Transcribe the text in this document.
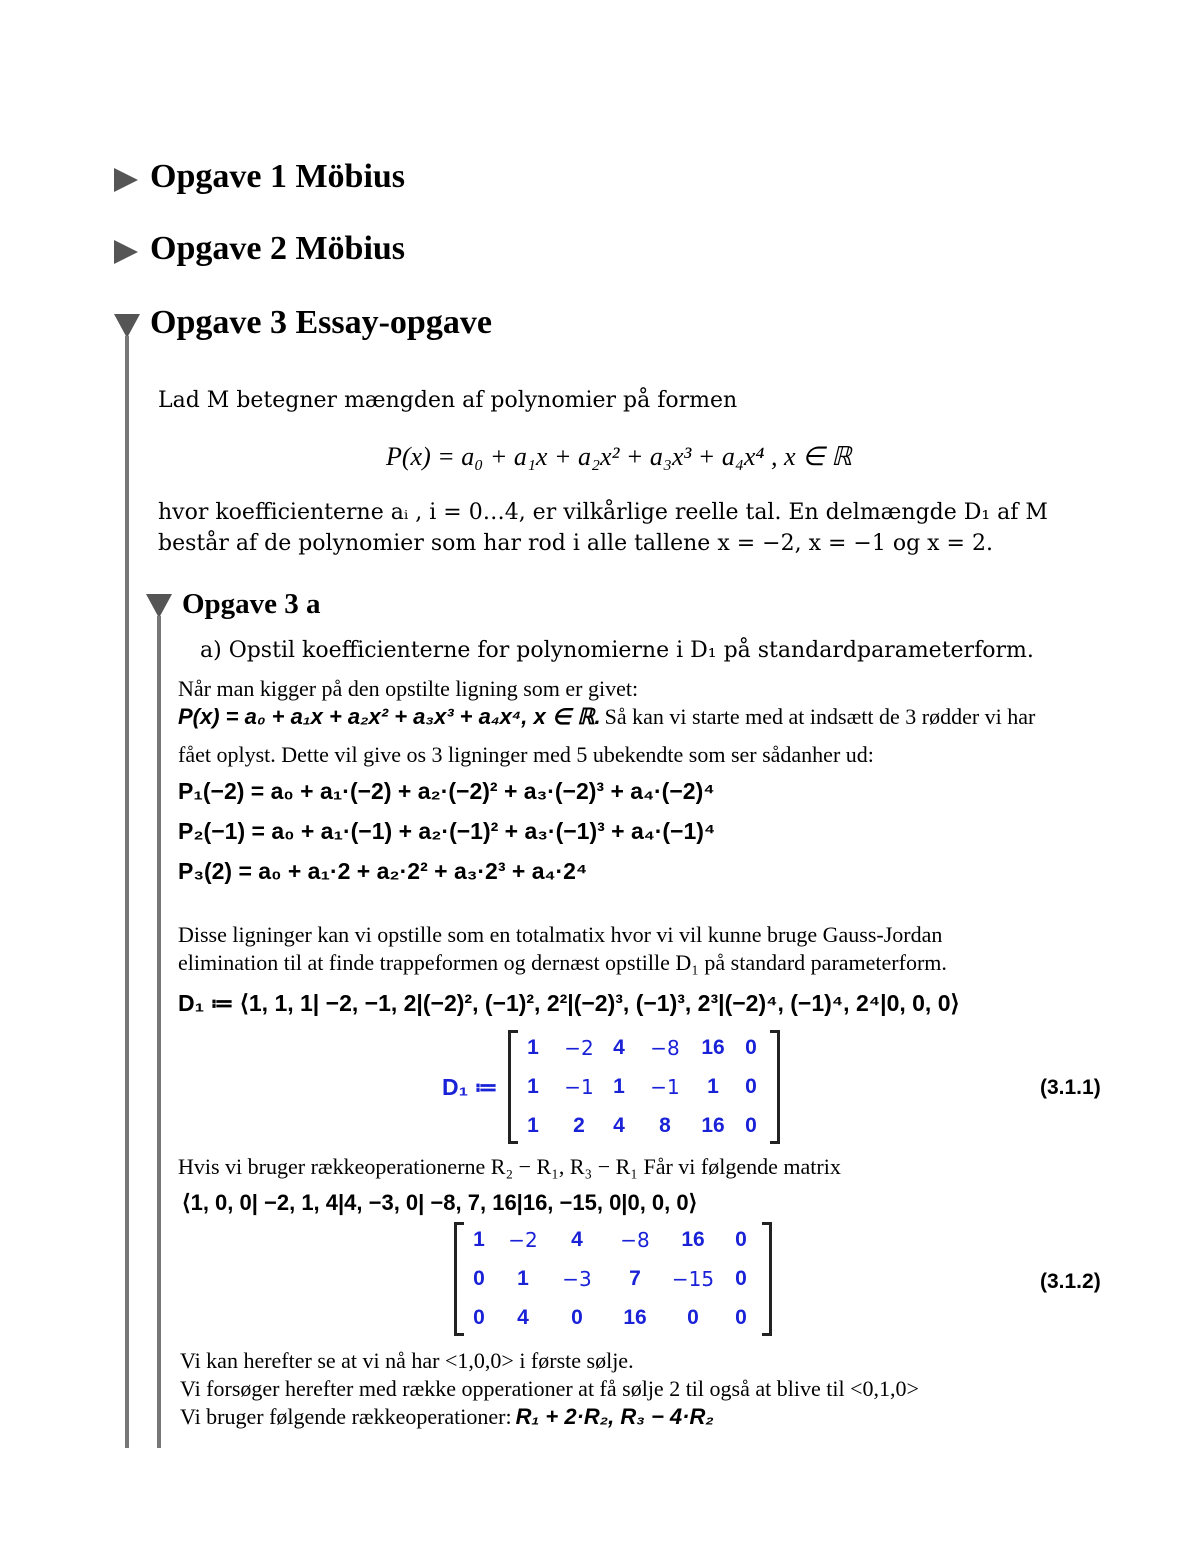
Opgave 1 Möbius
Opgave 2 Möbius
Opgave 3 Essay-opgave
Lad M betegner mængden af polynomier på formen
P(x) = a₀ + a₁x + a₂x² + a₃x³ + a₄x⁴ , x ∈ ℝ
hvor koefficienterne aᵢ , i = 0…4, er vilkårlige reelle tal. En delmængde D₁ af M
består af de polynomier som har rod i alle tallene x = −2, x = −1 og x = 2.
Opgave 3 a
a) Opstil koefficienterne for polynomierne i D₁ på standardparameterform.
Når man kigger på den opstilte ligning som er givet:
P(x) = a₀ + a₁x + a₂x² + a₃x³ + a₄x⁴, x ∈ ℝ. Så kan vi starte med at indsætt de 3 rødder vi har
fået oplyst. Dette vil give os 3 ligninger med 5 ubekendte som ser sådanher ud:
P₁(−2) = a₀ + a₁·(−2) + a₂·(−2)² + a₃·(−2)³ + a₄·(−2)⁴
P₂(−1) = a₀ + a₁·(−1) + a₂·(−1)² + a₃·(−1)³ + a₄·(−1)⁴
P₃(2) = a₀ + a₁·2 + a₂·2² + a₃·2³ + a₄·2⁴
Disse ligninger kan vi opstille som en totalmatix hvor vi vil kunne bruge Gauss-Jordan
elimination til at finde trappeformen og dernæst opstille D₁ på standard parameterform.
D₁ ≔ ⟨1, 1, 1| −2, −1, 2|(−2)², (−1)², 2²|(−2)³, (−1)³, 2³|(−2)⁴, (−1)⁴, 2⁴|0, 0, 0⟩
D₁ ≔
1	−2 4	−8	16 0
1	−1 1	−1	1	0
1	2	4	8	16 0
(3.1.1)
Hvis vi bruger rækkeoperationerne R₂ − R₁, R₃ − R₁ Får vi følgende matrix
⟨1, 0, 0| −2, 1, 4|4, −3, 0| −8, 7, 16|16, −15, 0|0, 0, 0⟩
1	−2	4	−8	16	0
0	1	−3	7	−15	0
0	4	0	16	0	0
(3.1.2)
Vi kan herefter se at vi nå har <1,0,0> i første sølje.
Vi forsøger herefter med række opperationer at få sølje 2 til også at blive til <0,1,0>
Vi bruger følgende rækkeoperationer: R₁ + 2·R₂, R₃ − 4·R₂
